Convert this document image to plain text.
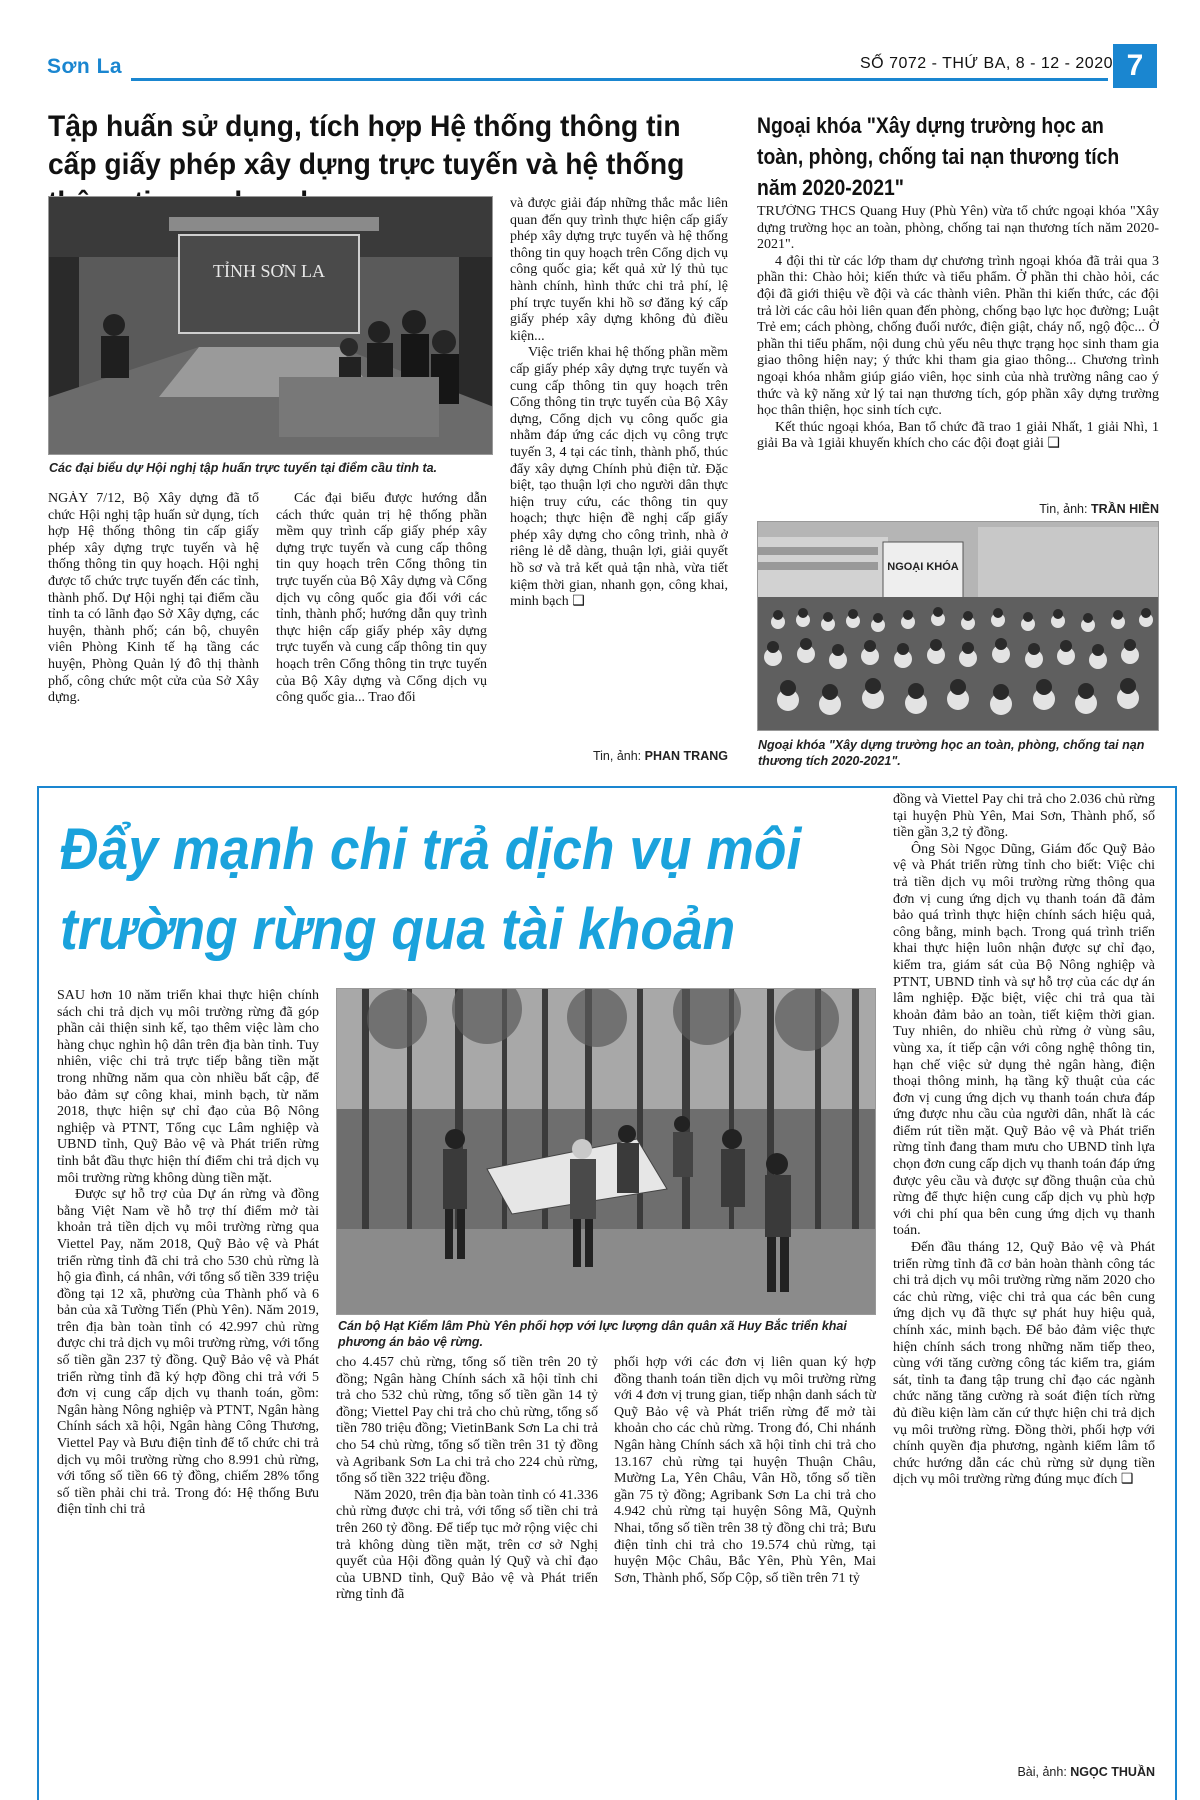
Sơn La	SỐ 7072 - THỨ BA, 8 - 12 - 2020 7
Tập huấn sử dụng, tích hợp Hệ thống thông tin cấp giấy phép xây dựng trực tuyến và hệ thống
TỈNH SƠN LA
Các đại biểu dự Hội nghị tập huấn trực tuyến tại điểm cầu tỉnh ta.
NGÀY 7/12, Bộ Xây dựng đã tổ chức Hội nghị tập huấn sử dụng, tích hợp Hệ thống thông tin cấp giấy phép xây dựng trực tuyến và hệ thống thông tin quy hoạch. Hội nghị được tổ chức trực tuyến đến các tỉnh, thành phố. Dự Hội nghị tại điểm cầu tỉnh ta có lãnh đạo Sở Xây dựng, các huyện, thành phố; cán bộ, chuyên viên Phòng Kinh tế hạ tầng các huyện, Phòng Quản lý đô thị thành phố, công chức một cửa của Sở Xây dựng.
Các đại biểu được hướng dẫn cách thức quản trị hệ thống phần mềm quy trình cấp giấy phép xây dựng trực tuyến và cung cấp thông tin quy hoạch trên Cổng thông tin trực tuyến của Bộ Xây dựng và Cổng dịch vụ công quốc gia đối với các tỉnh, thành phố; hướng dẫn quy trình thực hiện cấp giấy phép xây dựng trực tuyến và cung cấp thông tin quy hoạch trên Cổng thông tin trực tuyến của Bộ Xây dựng và Cổng dịch vụ công quốc gia... Trao đổi
và được giải đáp những thắc mắc liên quan đến quy trình thực hiện cấp giấy phép xây dựng trực tuyến và hệ thống thông tin quy hoạch trên Cổng dịch vụ công quốc gia; kết quả xử lý thủ tục hành chính, hình thức chi trả phí, lệ phí trực tuyến khi hồ sơ đăng ký cấp giấy phép xây dựng không đủ điều kiện...
Việc triển khai hệ thống phần mềm cấp giấy phép xây dựng trực tuyến và cung cấp thông tin quy hoạch trên Cổng thông tin trực tuyến của Bộ Xây dựng, Cổng dịch vụ công quốc gia nhằm đáp ứng các dịch vụ công trực tuyến 3, 4 tại các tỉnh, thành phố, thúc đẩy xây dựng Chính phủ điện tử. Đặc biệt, tạo thuận lợi cho người dân thực hiện truy cứu, các thông tin quy hoạch; thực hiện đề nghị cấp giấy phép xây dựng cho công trình, nhà ở riêng lẻ dễ dàng, thuận lợi, giải quyết hồ sơ và trả kết quả tận nhà, vừa tiết kiệm thời gian, nhanh gọn, công khai, minh bạch ❑
Tin, ảnh: PHAN TRANG
Ngoại khóa "Xây dựng trường học an toàn, phòng, chống tai nạn thương tích năm 2020-2021"
TRƯỜNG THCS Quang Huy (Phù Yên) vừa tổ chức ngoại khóa "Xây dựng trường học an toàn, phòng, chống tai nạn thương tích năm 2020-2021".
4 đội thi từ các lớp tham dự chương trình ngoại khóa đã trải qua 3 phần thi: Chào hỏi; kiến thức và tiểu phẩm. Ở phần thi chào hỏi, các đội đã giới thiệu về đội và các thành viên. Phần thi kiến thức, các đội trả lời các câu hỏi liên quan đến phòng, chống bạo lực học đường; Luật Trẻ em; cách phòng, chống đuối nước, điện giật, cháy nổ, ngộ độc... Ở phần thi tiểu phẩm, nội dung chủ yếu nêu thực trạng học sinh tham gia giao thông hiện nay; ý thức khi tham gia giao thông... Chương trình ngoại khóa nhằm giúp giáo viên, học sinh của nhà trường nâng cao ý thức và kỹ năng xử lý tai nạn thương tích, góp phần xây dựng trường học thân thiện, học sinh tích cực.
Kết thúc ngoại khóa, Ban tổ chức đã trao 1 giải Nhất, 1 giải Nhì, 1 giải Ba và 1giải khuyến khích cho các đội đoạt giải ❑
Tin, ảnh: TRẦN HIỀN
NGOẠI KHÓA
Ngoại khóa "Xây dựng trường học an toàn, phòng, chống tai nạn thương tích 2020-2021".
Đẩy mạnh chi trả dịch vụ môi trường rừng qua tài khoản
Cán bộ Hạt Kiểm lâm Phù Yên phối hợp với lực lượng dân quân xã Huy Bắc triển khai phương án bảo vệ rừng.
SAU hơn 10 năm triển khai thực hiện chính sách chi trả dịch vụ môi trường rừng đã góp phần cải thiện sinh kế, tạo thêm việc làm cho hàng chục nghìn hộ dân trên địa bàn tỉnh. Tuy nhiên, việc chi trả trực tiếp bằng tiền mặt trong những năm qua còn nhiều bất cập, để bảo đảm sự công khai, minh bạch, từ năm 2018, thực hiện sự chỉ đạo của Bộ Nông nghiệp và PTNT, Tổng cục Lâm nghiệp và UBND tỉnh, Quỹ Bảo vệ và Phát triển rừng tỉnh bắt đầu thực hiện thí điểm chi trả dịch vụ môi trường rừng không dùng tiền mặt.
Được sự hỗ trợ của Dự án rừng và đồng bằng Việt Nam về hỗ trợ thí điểm mở tài khoản trả tiền dịch vụ môi trường rừng qua Viettel Pay, năm 2018, Quỹ Bảo vệ và Phát triển rừng tỉnh đã chi trả cho 530 chủ rừng là hộ gia đình, cá nhân, với tổng số tiền 339 triệu đồng tại 12 xã, phường của Thành phố và 6 bản của xã Tường Tiến (Phù Yên). Năm 2019, trên địa bàn toàn tỉnh có 42.997 chủ rừng được chi trả dịch vụ môi trường rừng, với tổng số tiền gần 237 tỷ đồng. Quỹ Bảo vệ và Phát triển rừng tỉnh đã ký hợp đồng chi trả với 5 đơn vị cung cấp dịch vụ thanh toán, gồm: Ngân hàng Nông nghiệp và PTNT, Ngân hàng Chính sách xã hội, Ngân hàng Công Thương, Viettel Pay và Bưu điện tỉnh để tổ chức chi trả dịch vụ môi trường rừng cho 8.991 chủ rừng, với tổng số tiền 66 tỷ đồng, chiếm 28% tổng số tiền phải chi trả. Trong đó: Hệ thống Bưu điện tỉnh chi trả
cho 4.457 chủ rừng, tổng số tiền trên 20 tỷ đồng; Ngân hàng Chính sách xã hội tỉnh chi trả cho 532 chủ rừng, tổng số tiền gần 14 tỷ đồng; Viettel Pay chi trả cho chủ rừng, tổng số tiền 780 triệu đồng; VietinBank Sơn La chi trả cho 54 chủ rừng, tổng số tiền trên 31 tỷ đồng và Agribank Sơn La chi trả cho 224 chủ rừng, tổng số tiền 322 triệu đồng.
Năm 2020, trên địa bàn toàn tỉnh có 41.336 chủ rừng được chi trả, với tổng số tiền chi trả trên 260 tỷ đồng. Để tiếp tục mở rộng việc chi trả không dùng tiền mặt, trên cơ sở Nghị quyết của Hội đồng quản lý Quỹ và chỉ đạo của UBND tỉnh, Quỹ Bảo vệ và Phát triển rừng tỉnh đã
phối hợp với các đơn vị liên quan ký hợp đồng thanh toán tiền dịch vụ môi trường rừng với 4 đơn vị trung gian, tiếp nhận danh sách từ Quỹ Bảo vệ và Phát triển rừng để mở tài khoản cho các chủ rừng. Trong đó, Chi nhánh Ngân hàng Chính sách xã hội tỉnh chi trả cho 13.167 chủ rừng tại huyện Thuận Châu, Mường La, Yên Châu, Vân Hồ, tổng số tiền gần 75 tỷ đồng; Agribank Sơn La chi trả cho 4.942 chủ rừng tại huyện Sông Mã, Quỳnh Nhai, tổng số tiền trên 38 tỷ đồng chi trả; Bưu điện tỉnh chi trả cho 19.574 chủ rừng, tại huyện Mộc Châu, Bắc Yên, Phù Yên, Mai Sơn, Thành phố, Sốp Cộp, số tiền trên 71 tỷ
đồng và Viettel Pay chi trả cho 2.036 chủ rừng tại huyện Phù Yên, Mai Sơn, Thành phố, số tiền gần 3,2 tỷ đồng.
Ông Sòi Ngọc Dũng, Giám đốc Quỹ Bảo vệ và Phát triển rừng tỉnh cho biết: Việc chi trả tiền dịch vụ môi trường rừng thông qua đơn vị cung ứng dịch vụ thanh toán đã đảm bảo quá trình thực hiện chính sách hiệu quả, công bằng, minh bạch. Trong quá trình triển khai thực hiện luôn nhận được sự chỉ đạo, kiểm tra, giám sát của Bộ Nông nghiệp và PTNT, UBND tỉnh và sự hỗ trợ của các dự án lâm nghiệp. Đặc biệt, việc chi trả qua tài khoản đảm bảo an toàn, tiết kiệm thời gian. Tuy nhiên, do nhiều chủ rừng ở vùng sâu, vùng xa, ít tiếp cận với công nghệ thông tin, hạn chế việc sử dụng thẻ ngân hàng, điện thoại thông minh, hạ tầng kỹ thuật của các đơn vị cung ứng dịch vụ thanh toán chưa đáp ứng được nhu cầu của người dân, nhất là các điểm rút tiền mặt. Quỹ Bảo vệ và Phát triển rừng tỉnh đang tham mưu cho UBND tỉnh lựa chọn đơn cung cấp dịch vụ thanh toán đáp ứng được yêu cầu và được sự đồng thuận của chủ rừng để thực hiện cung cấp dịch vụ phù hợp với chi phí qua bên cung ứng dịch vụ thanh toán.
Đến đầu tháng 12, Quỹ Bảo vệ và Phát triển rừng tỉnh đã cơ bản hoàn thành công tác chi trả dịch vụ môi trường rừng năm 2020 cho các chủ rừng, việc chi trả qua các bên cung ứng dịch vụ đã thực sự phát huy hiệu quả, chính xác, minh bạch. Để bảo đảm việc thực hiện chính sách trong những năm tiếp theo, cùng với tăng cường công tác kiểm tra, giám sát, tỉnh ta đang tập trung chỉ đạo các ngành chức năng tăng cường rà soát điện tích rừng đủ điều kiện làm căn cứ thực hiện chi trả dịch vụ môi trường rừng. Đồng thời, phối hợp với chính quyền địa phương, ngành kiểm lâm tổ chức hướng dẫn các chủ rừng sử dụng tiền dịch vụ môi trường rừng đúng mục đích ❑
Bài, ảnh: NGỌC THUẦN
